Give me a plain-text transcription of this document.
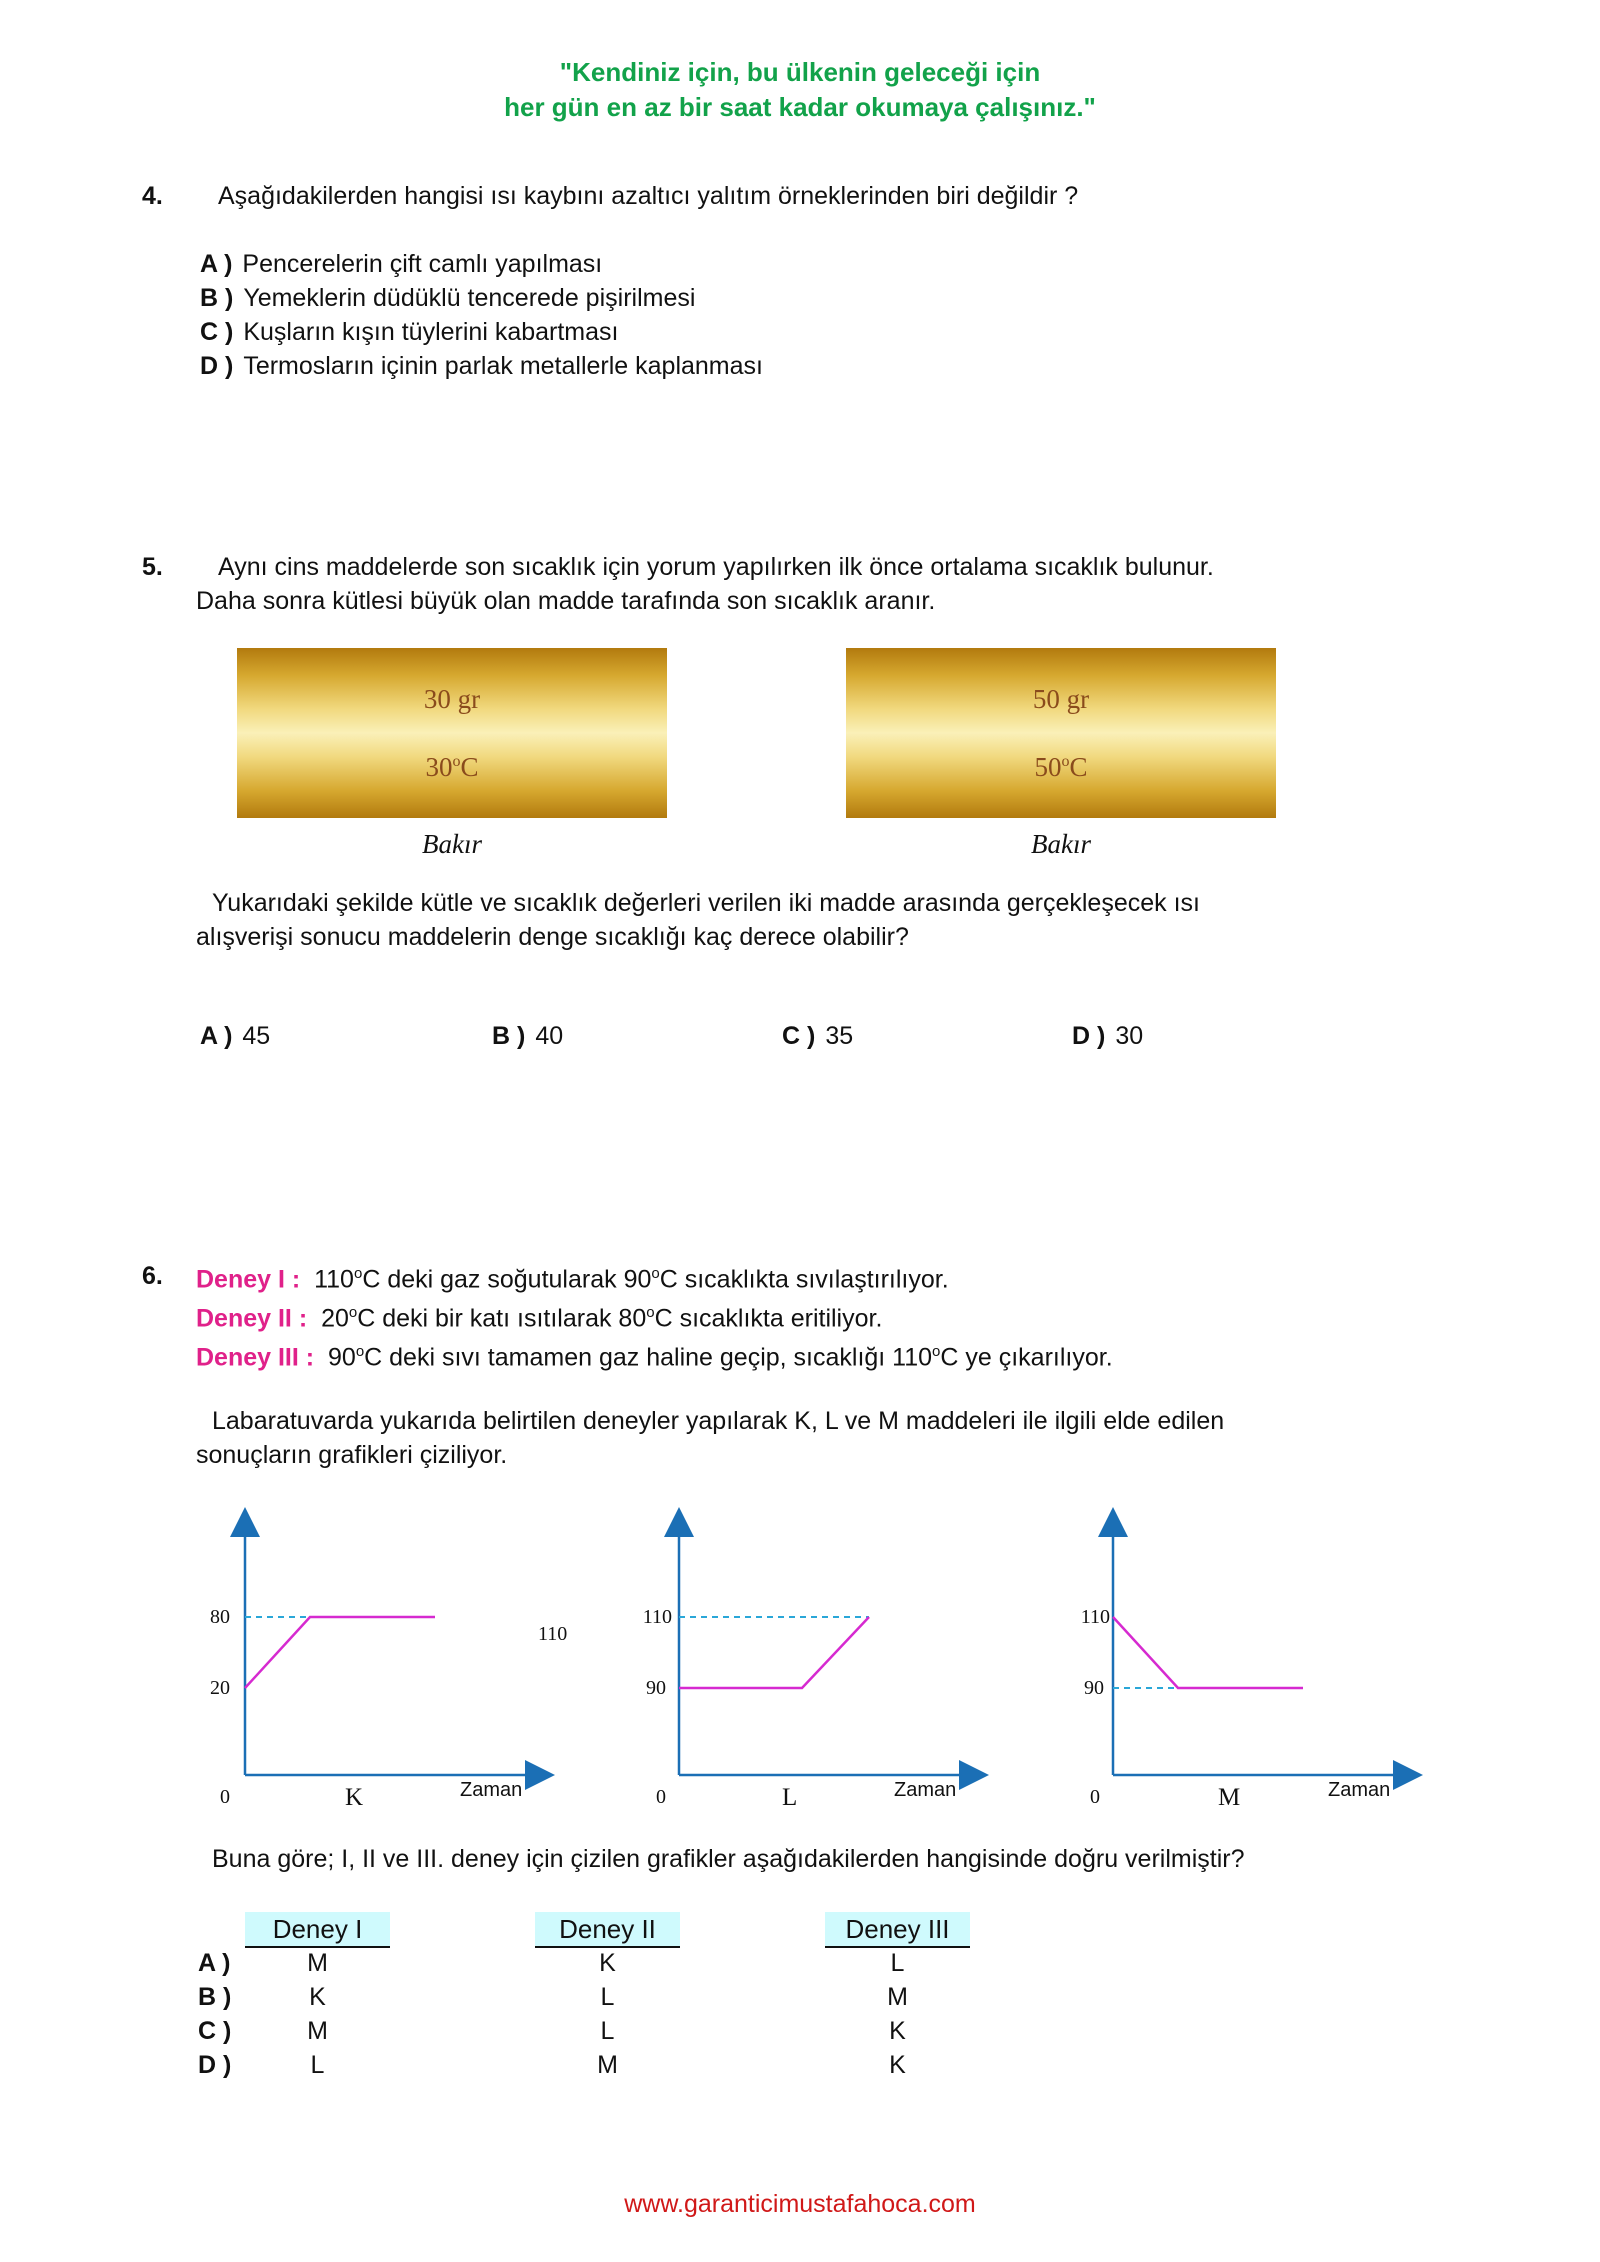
"Kendiniz için, bu ülkenin geleceği için
her gün en az bir saat kadar okumaya çalışınız."
4. Aşağıdakilerden hangisi ısı kaybını azaltıcı yalıtım örneklerinden biri değildir ?
A ) Pencerelerin çift camlı yapılması
B ) Yemeklerin düdüklü tencerede pişirilmesi
C ) Kuşların kışın tüylerini kabartması
D ) Termosların içinin parlak metallerle kaplanması
5. Aynı cins maddelerde son sıcaklık için yorum yapılırken ilk önce ortalama sıcaklık bulunur.
Daha sonra kütlesi büyük olan madde tarafında son sıcaklık aranır.
30 gr
30$^o$C
Bakır
50 gr
50$^o$C
Bakır
Yukarıdaki şekilde kütle ve sıcaklık değerleri verilen iki madde arasında gerçekleşecek ısı
alışverişi sonucu maddelerin denge sıcaklığı kaç derece olabilir?
A ) 45	B ) 40	C ) 35	D ) 30
6. Deney I : 110$^o$C deki gaz soğutularak 90$^o$C sıcaklıkta sıvılaştırılıyor.
Deney II : 20$^o$C deki bir katı ısıtılarak 80$^o$C sıcaklıkta eritiliyor.
Deney III : 90$^o$C deki sıvı tamamen gaz haline geçip, sıcaklığı 110$^o$C ye çıkarılıyor.
Labaratuvarda yukarıda belirtilen deneyler yapılarak K, L ve M maddeleri ile ilgili elde edilen
sonuçların grafikleri çiziliyor.
80
20
0	K	Zaman
110
110
90
0	L	Zaman
110
90
0	M	Zaman
Buna göre; I, II ve III. deney için çizilen grafikler aşağıdakilerden hangisinde doğru verilmiştir?
Deney I	Deney II	Deney III
A )	M	K	L
B )	K	L	M
C )	M	L	K
D )	L	M	K
www.garanticimustafahoca.com
